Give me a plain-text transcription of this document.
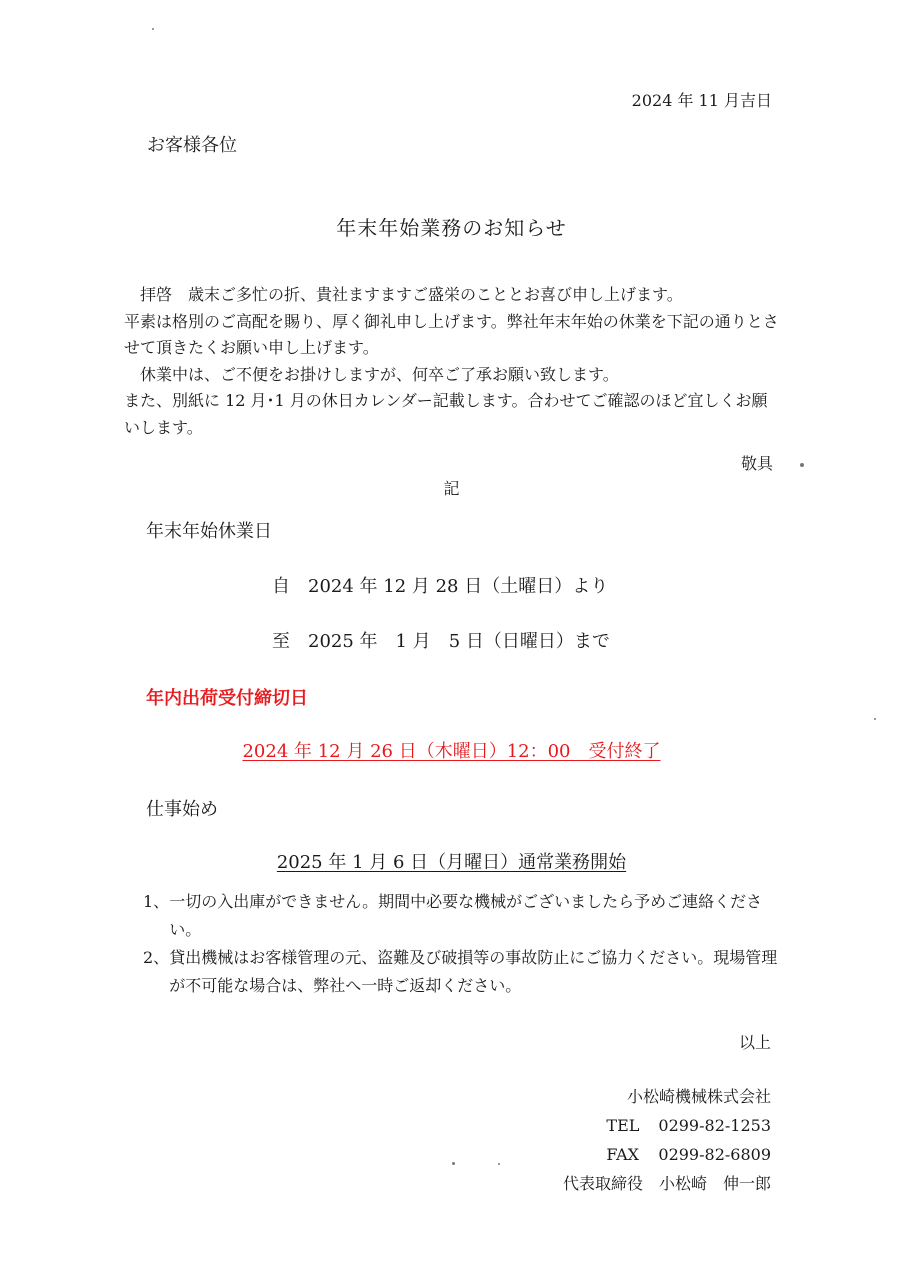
2024 年 11 月吉日
お客様各位
年末年始業務のお知らせ

拝啓　歳末ご多忙の折、貴社ますますご盛栄のこととお喜び申し上げます。

平素は格別のご高配を賜り、厚く御礼申し上げます。弊社年末年始の休業を下記の通りとさせて頂きたくお願い申し上げます。

休業中は、ご不便をお掛けしますが、何卒ご了承お願い致します。

また、別紙に 12 月･1 月の休日カレンダー記載します。合わせてご確認のほど宜しくお願いします。

敬具
記
年末年始休業日
自　2024 年 12 月 28 日（土曜日）より
至　2025 年　1 月　5 日（日曜日）まで
年内出荷受付締切日
2024 年 12 月 26 日（木曜日）12：00　受付終了
仕事始め
2025 年 1 月 6 日（月曜日）通常業務開始
1、 一切の入出庫ができません。期間中必要な機械がございましたら予めご連絡ください。
2、 貸出機械はお客様管理の元、盗難及び破損等の事故防止にご協力ください。現場管理が不可能な場合は、弊社へ一時ご返却ください。
以上
小松崎機械株式会社
TEL 0299-82-1253
FAX 0299-82-6809
代表取締役　小松崎　伸一郎
